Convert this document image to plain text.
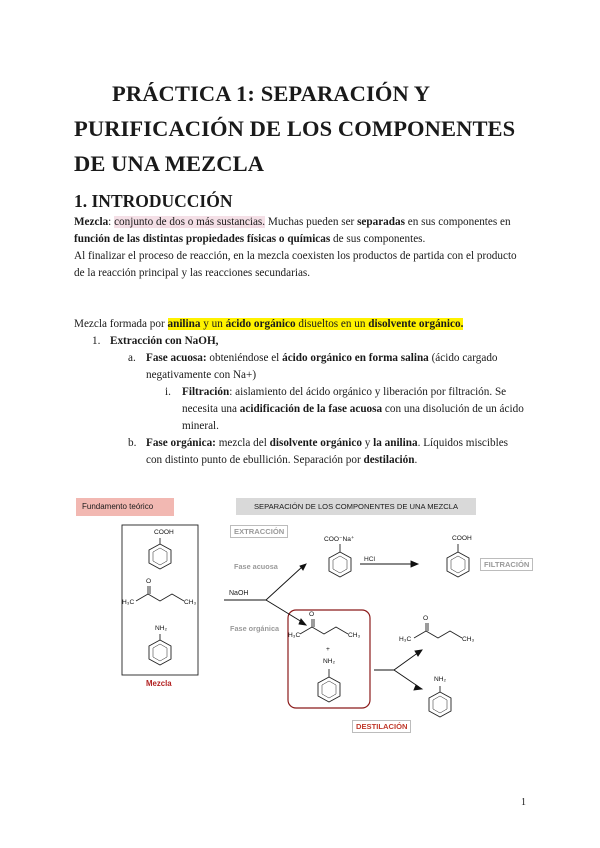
PRÁCTICA 1: SEPARACIÓN Y
PURIFICACIÓN DE LOS COMPONENTES
DE UNA MEZCLA
1. INTRODUCCIÓN
Mezcla: conjunto de dos o más sustancias. Muchas pueden ser separadas en sus componentes en función de las distintas propiedades físicas o químicas de sus componentes.
Al finalizar el proceso de reacción, en la mezcla coexisten los productos de partida con el producto de la reacción principal y las reacciones secundarias.
Mezcla formada por anilina y un ácido orgánico disueltos en un disolvente orgánico.
1. Extracción con NaOH,
a. Fase acuosa: obteniéndose el ácido orgánico en forma salina (ácido cargado negativamente con Na+)
i. Filtración: aislamiento del ácido orgánico y liberación por filtración. Se necesita una acidificación de la fase acuosa con una disolución de un ácido mineral.
b. Fase orgánica: mezcla del disolvente orgánico y la anilina. Líquidos miscibles con distinto punto de ebullición. Separación por destilación.
Fundamento teórico	SEPARACIÓN DE LOS COMPONENTES DE UNA MEZCLA
EXTRACCIÓN
Fase acuosa
Fase orgánica
NaOH
HCl
FILTRACIÓN
DESTILACIÓN
Mezcla
COOH
O
H₃C	CH₃
NH₂
COO⁻Na⁺	COOH
O
H₃C	CH₃
+
NH₂
O
H₃C	CH₃
NH₂
1
